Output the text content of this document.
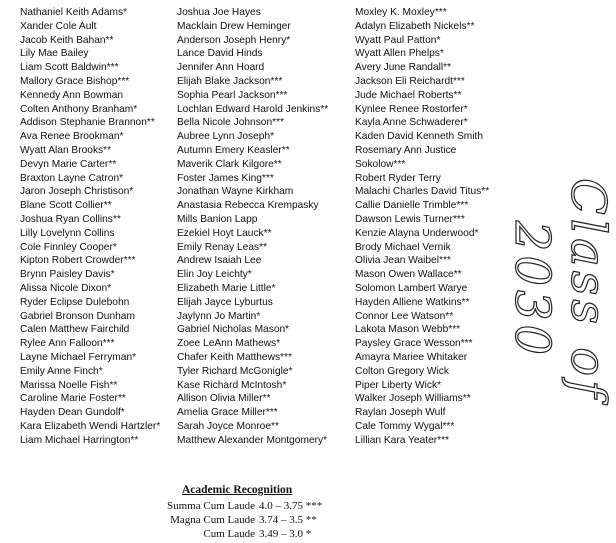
Nathaniel Keith Adams*
Xander Cole Ault
Jacob Keith Bahan**
Lily Mae Bailey
Liam Scott Baldwin***
Mallory Grace Bishop***
Kennedy Ann Bowman
Colten Anthony Branham*
Addison Stephanie Brannon**
Ava Renee Brookman*
Wyatt Alan Brooks**
Devyn Marie Carter**
Braxton Layne Catron*
Jaron Joseph Christison*
Blane Scott Collier**
Joshua Ryan Collins**
Lilly Lovelynn Collins
Cole Finnley Cooper*
Kipton Robert Crowder***
Brynn Paisley Davis*
Alissa Nicole Dixon*
Ryder Eclipse Dulebohn
Gabriel Bronson Dunham
Calen Matthew Fairchild
Rylee Ann Falloon***
Layne Michael Ferryman*
Emily Anne Finch*
Marissa Noelle Fish**
Caroline Marie Foster**
Hayden Dean Gundolf*
Kara Elizabeth Wendi Hartzler*
Liam Michael Harrington**
Joshua Joe Hayes
Macklain Drew Heminger
Anderson Joseph Henry*
Lance David Hinds
Jennifer Ann Hoard
Elijah Blake Jackson***
Sophia Pearl Jackson***
Lochlan Edward Harold Jenkins**
Bella Nicole Johnson***
Aubree Lynn Joseph*
Autumn Emery Keasler**
Maverik Clark Kilgore**
Foster James King***
Jonathan Wayne Kirkham
Anastasia Rebecca Krempasky
Mills Banion Lapp
Ezekiel Hoyt Lauck**
Emily Renay Leas**
Andrew Isaiah Lee
Elin Joy Leichty*
Elizabeth Marie Little*
Elijah Jayce Lyburtus
Jaylynn Jo Martin*
Gabriel Nicholas Mason*
Zoee LeAnn Mathews*
Chafer Keith Matthews***
Tyler Richard McGonigle*
Kase Richard McIntosh*
Allison Olivia Miller**
Amelia Grace Miller***
Sarah Joyce Monroe**
Matthew Alexander Montgomery*
Moxley K. Moxley***
Adalyn Elizabeth Nickels**
Wyatt Paul Patton*
Wyatt Allen Phelps*
Avery June Randall**
Jackson Eli Reichardt***
Jude Michael Roberts**
Kynlee Renee Rostorfer*
Kayla Anne Schwaderer*
Kaden David Kenneth Smith
Rosemary Ann Justice
Sokolow***
Robert Ryder Terry
Malachi Charles David Titus**
Callie Danielle Trimble***
Dawson Lewis Turner***
Kenzie Alayna Underwood*
Brody Michael Vernik
Olivia Jean Waibel***
Mason Owen Wallace**
Solomon Lambert Warye
Hayden Alliene Watkins**
Connor Lee Watson**
Lakota Mason Webb***
Paysley Grace Wesson***
Amayra Mariee Whitaker
Colton Gregory Wick
Piper Liberty Wick*
Walker Joseph Williams**
Raylan Joseph Wulf
Cale Tommy Wygal***
Lillian Kara Yeater***
Class of 2030
Academic Recognition
Summa Cum Laude 4.0 – 3.75 ***
Magna Cum Laude 3.74 – 3.5 **
Cum Laude 3.49 – 3.0 *
